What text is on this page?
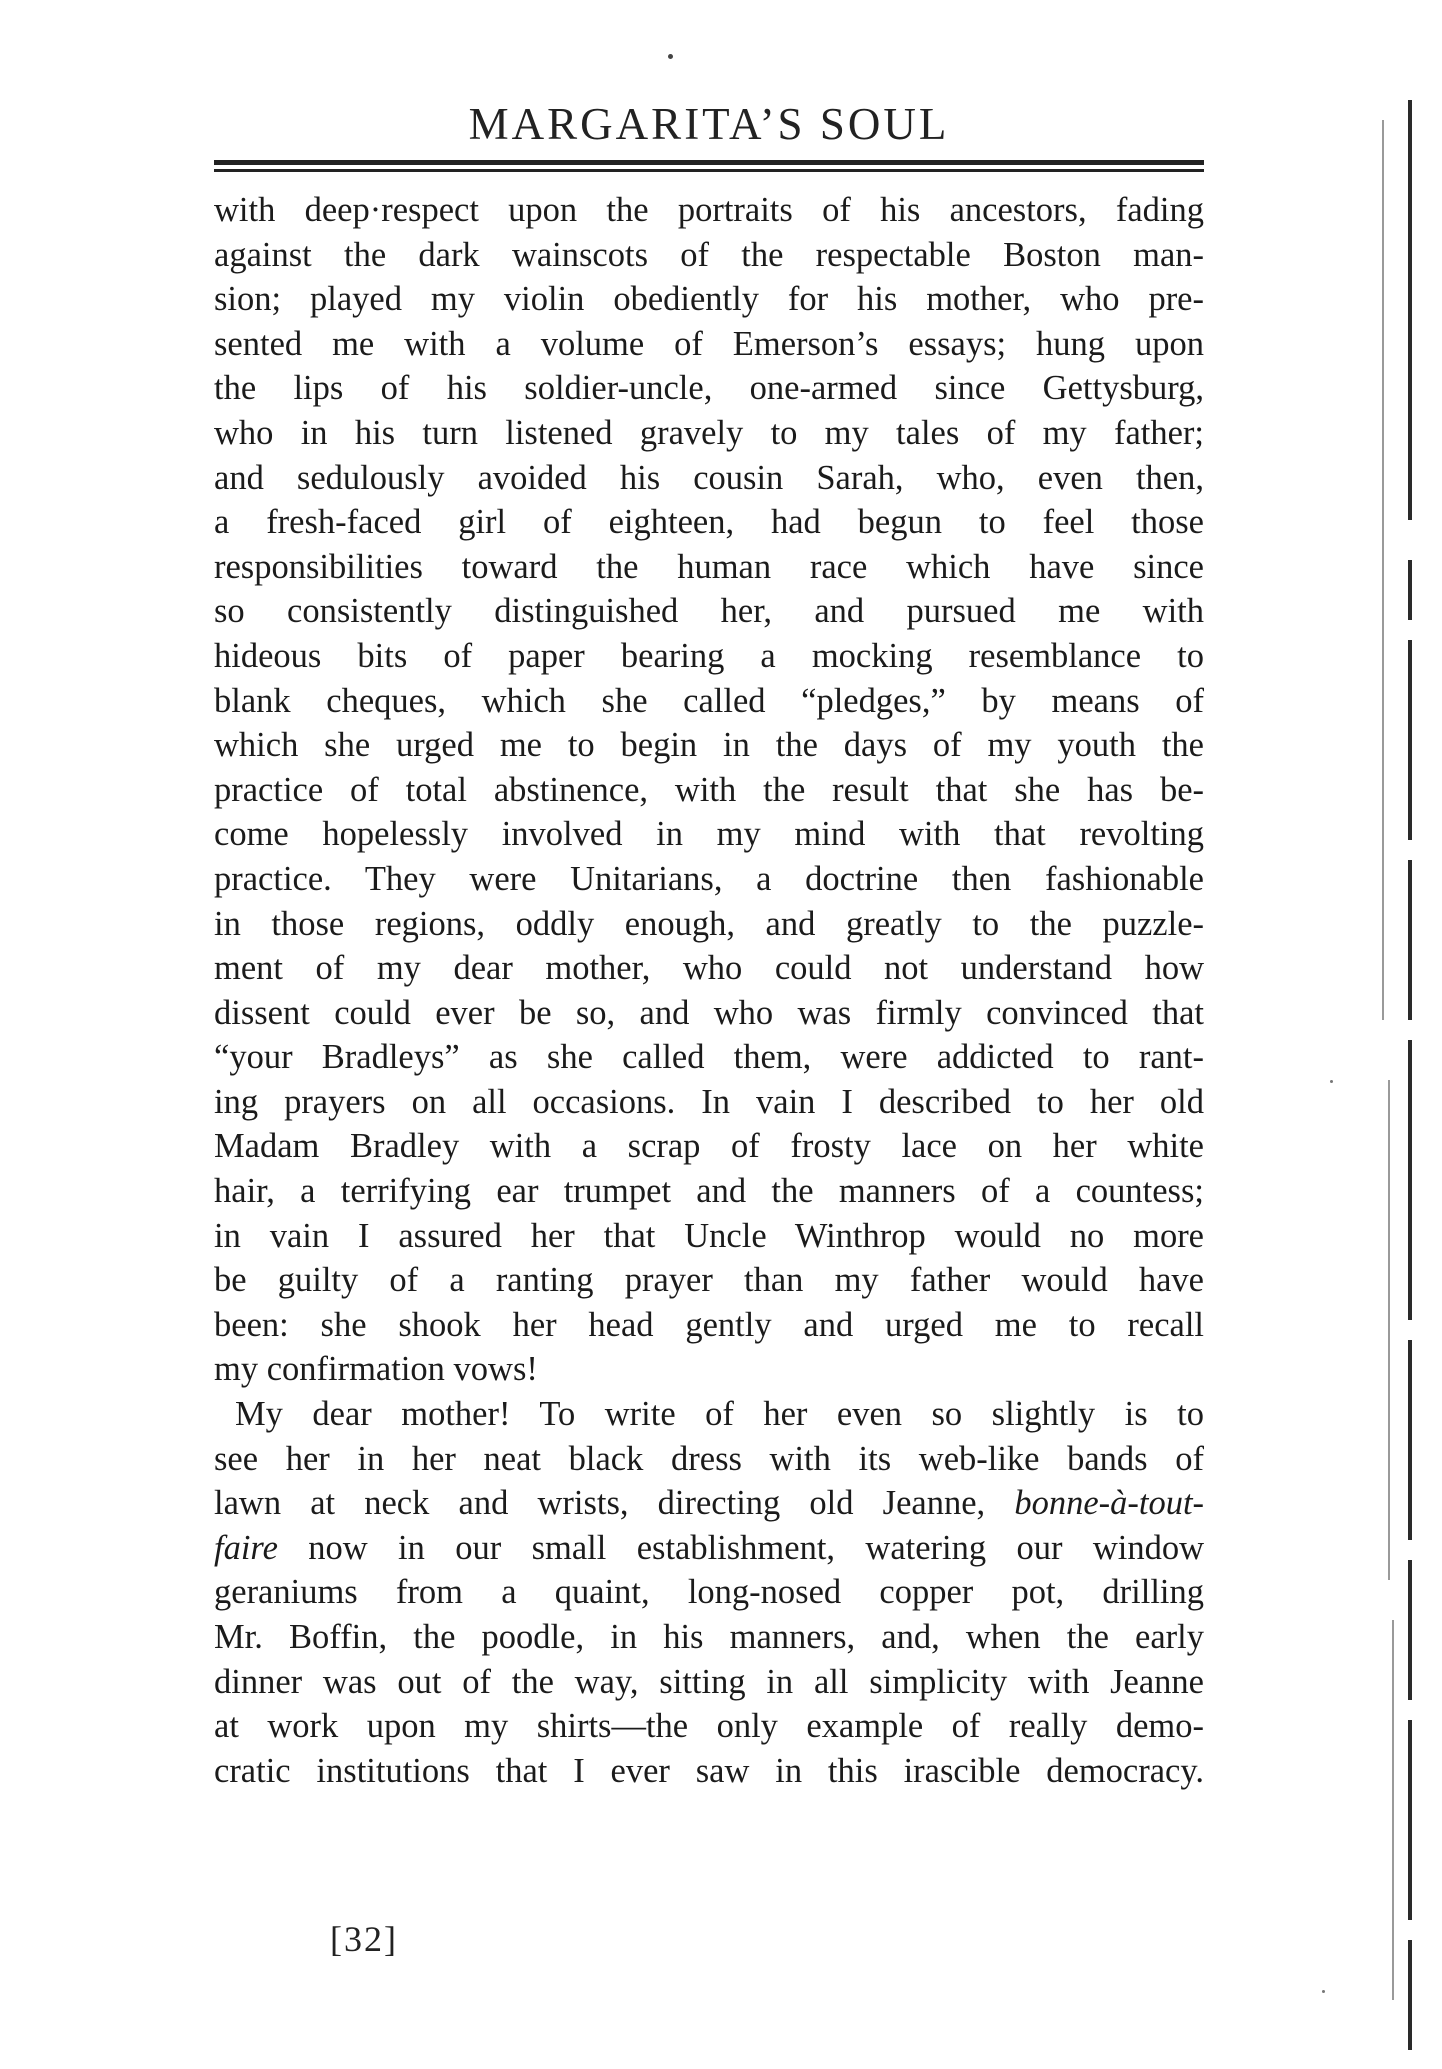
MARGARITA’S SOUL
with deep·respect upon the portraits of his ancestors, fading
against the dark wainscots of the respectable Boston man-
sion; played my violin obediently for his mother, who pre-
sented me with a volume of Emerson’s essays; hung upon
the lips of his soldier-uncle, one-armed since Gettysburg,
who in his turn listened gravely to my tales of my father;
and sedulously avoided his cousin Sarah, who, even then,
a fresh-faced girl of eighteen, had begun to feel those
responsibilities toward the human race which have since
so consistently distinguished her, and pursued me with
hideous bits of paper bearing a mocking resemblance to
blank cheques, which she called “pledges,” by means of
which she urged me to begin in the days of my youth the
practice of total abstinence, with the result that she has be-
come hopelessly involved in my mind with that revolting
practice. They were Unitarians, a doctrine then fashionable
in those regions, oddly enough, and greatly to the puzzle-
ment of my dear mother, who could not understand how
dissent could ever be so, and who was firmly convinced that
“your Bradleys” as she called them, were addicted to rant-
ing prayers on all occasions. In vain I described to her old
Madam Bradley with a scrap of frosty lace on her white
hair, a terrifying ear trumpet and the manners of a countess;
in vain I assured her that Uncle Winthrop would no more
be guilty of a ranting prayer than my father would have
been: she shook her head gently and urged me to recall
my confirmation vows!
My dear mother! To write of her even so slightly is to
see her in her neat black dress with its web-like bands of
lawn at neck and wrists, directing old Jeanne, bonne-à-tout-
faire now in our small establishment, watering our window
geraniums from a quaint, long-nosed copper pot, drilling
Mr. Boffin, the poodle, in his manners, and, when the early
dinner was out of the way, sitting in all simplicity with Jeanne
at work upon my shirts—the only example of really demo-
cratic institutions that I ever saw in this irascible democracy.
[32]
